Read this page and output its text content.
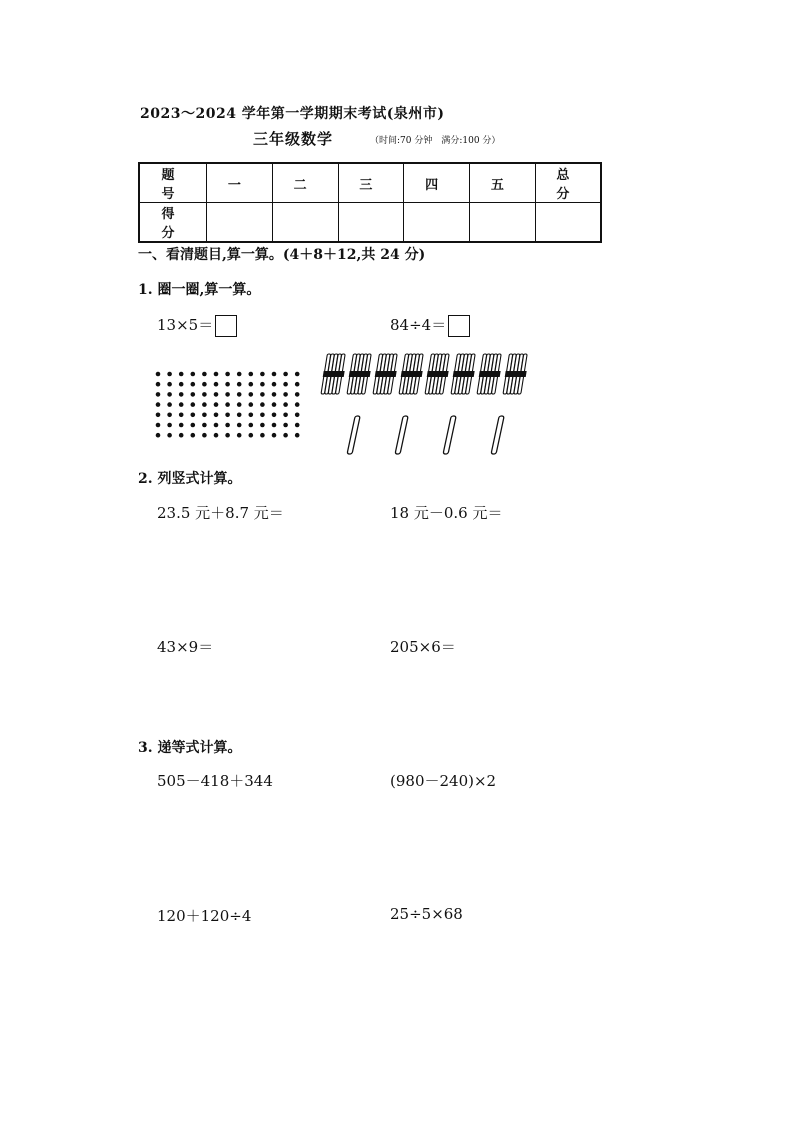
2023～2024 学年第一学期期末考试(泉州市)
三年级数学	（时间:70 分钟　满分:100 分）
题　号	一	二	三	四	五	总　分
得　分						
一、看清题目,算一算。(4＋8＋12,共 24 分)
1. 圈一圈,算一算。
13×5＝	84÷4＝
2. 列竖式计算。
23.5 元＋8.7 元＝	18 元－0.6 元＝
43×9＝	205×6＝
3. 递等式计算。
505－418＋344	(980－240)×2
120＋120÷4	25÷5×68
